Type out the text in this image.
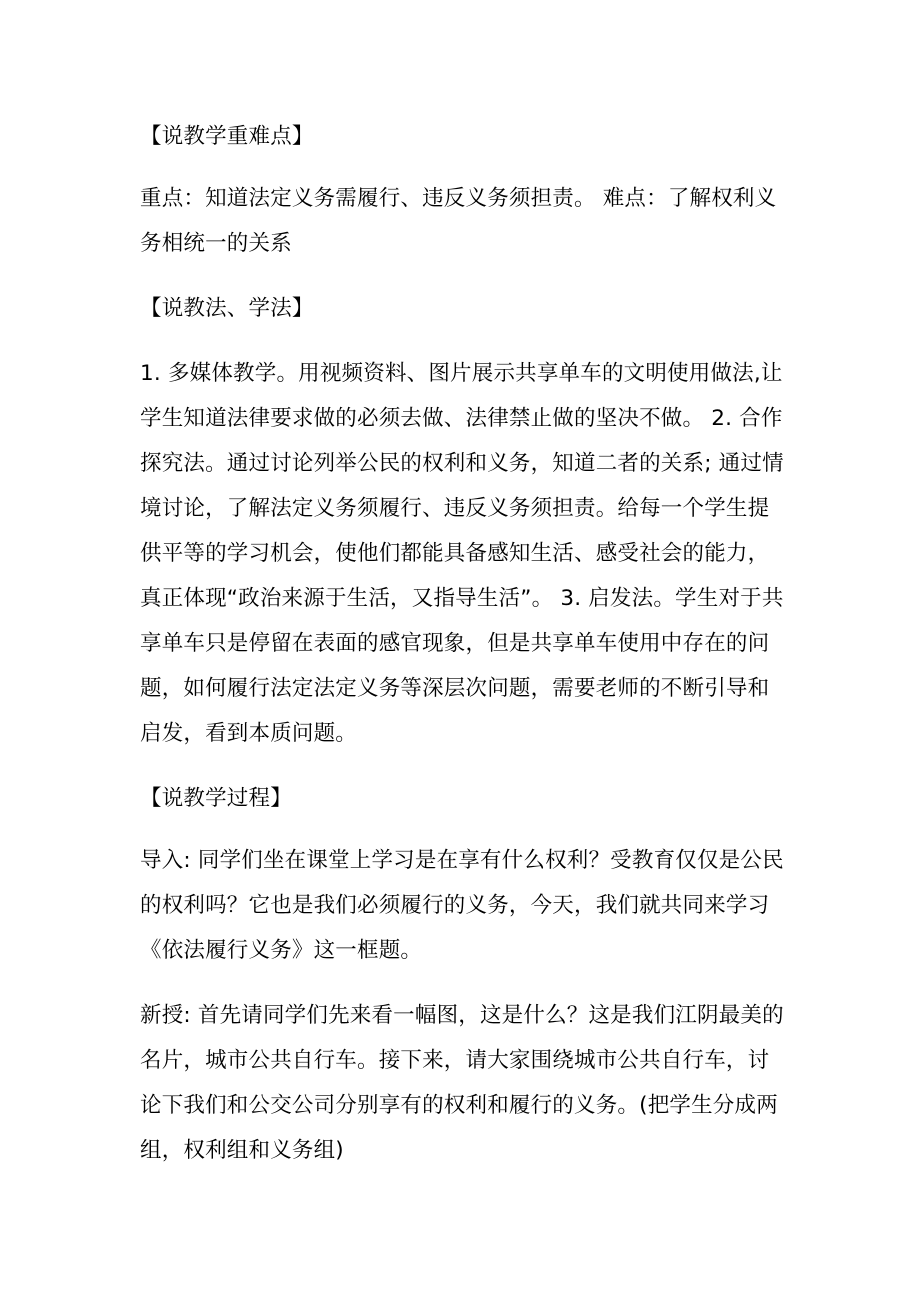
【说教学重难点】

重点：知道法定义务需履行、违反义务须担责。 难点：了解权利义务相统一的关系

【说教法、学法】

1. 多媒体教学。用视频资料、图片展示共享单车的文明使用做法,让学生知道法律要求做的必须去做、法律禁止做的坚决不做。 2. 合作探究法。通过讨论列举公民的权利和义务，知道二者的关系; 通过情境讨论，了解法定义务须履行、违反义务须担责。给每一个学生提供平等的学习机会，使他们都能具备感知生活、感受社会的能力，真正体现“政治来源于生活，又指导生活”。 3. 启发法。学生对于共享单车只是停留在表面的感官现象，但是共享单车使用中存在的问题，如何履行法定法定义务等深层次问题，需要老师的不断引导和启发，看到本质问题。

【说教学过程】

导入: 同学们坐在课堂上学习是在享有什么权利？受教育仅仅是公民的权利吗？它也是我们必须履行的义务，今天，我们就共同来学习《依法履行义务》这一框题。

新授: 首先请同学们先来看一幅图，这是什么？这是我们江阴最美的名片，城市公共自行车。接下来，请大家围绕城市公共自行车，讨论下我们和公交公司分别享有的权利和履行的义务。(把学生分成两组，权利组和义务组)
